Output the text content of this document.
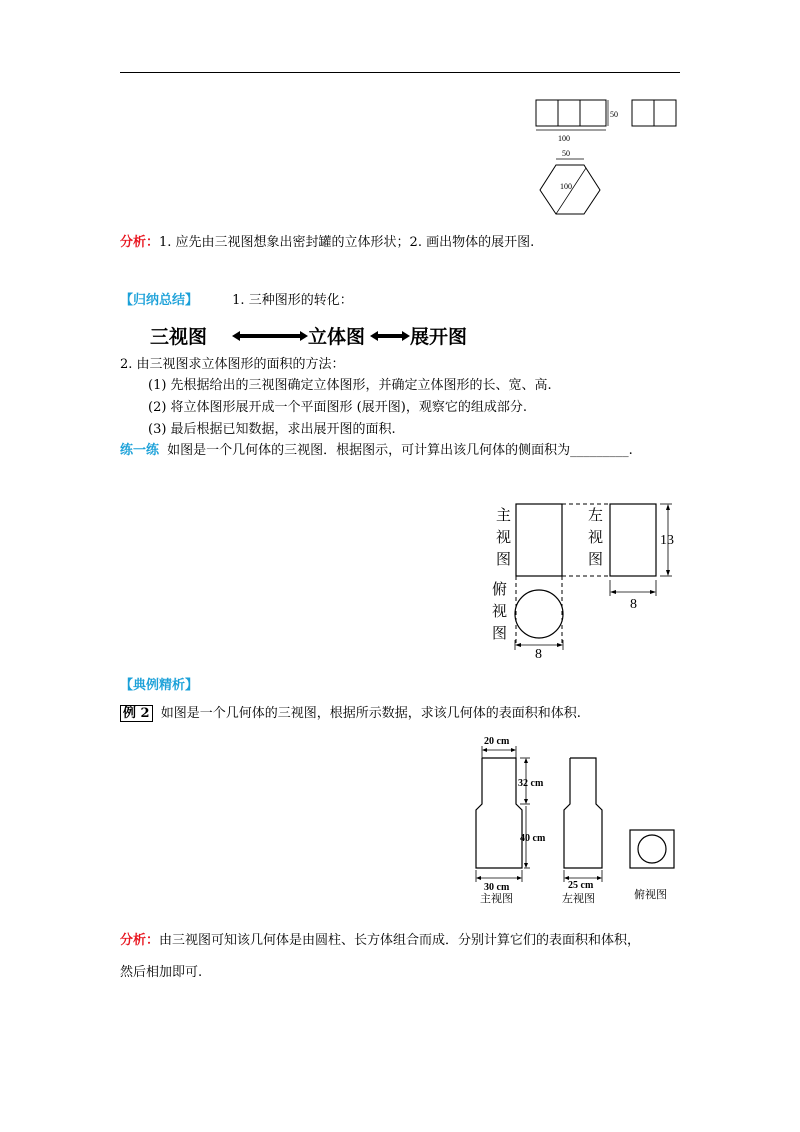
100
50
50
100
分析：1. 应先由三视图想象出密封罐的立体形状；2. 画出物体的展开图.
【归纳总结】	1. 三种图形的转化：
三视图	立体图 展开图
2. 由三视图求立体图形的面积的方法：
(1) 先根据给出的三视图确定立体图形，并确定立体图形的长、宽、高.
(2) 将立体图形展开成一个平面图形 (展开图)，观察它的组成部分.
(3) 最后根据已知数据，求出展开图的面积.
练一练 如图是一个几何体的三视图．根据图示，可计算出该几何体的侧面积为_________.
13
8
8
主
视
图
左
视
图
俯
视
图
【典例精析】
例 2 如图是一个几何体的三视图，根据所示数据，求该几何体的表面积和体积.
20 cm
32 cm
40 cm
30 cm
主视图
25 cm
左视图	俯视图
分析：由三视图可知该几何体是由圆柱、长方体组合而成．分别计算它们的表面积和体积，
然后相加即可.
